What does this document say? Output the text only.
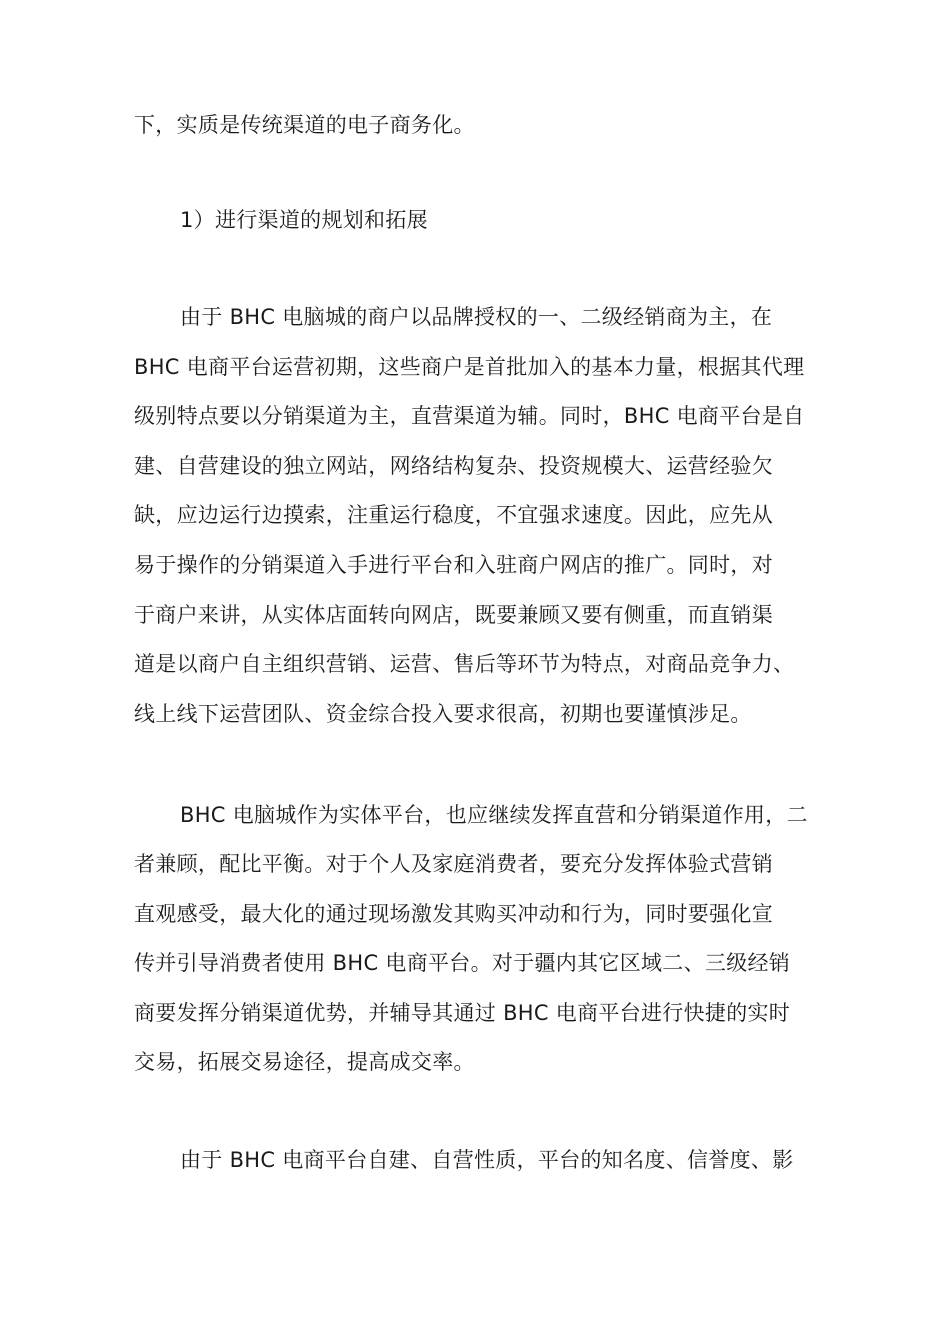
下，实质是传统渠道的电子商务化。
1）进行渠道的规划和拓展
由于 BHC 电脑城的商户以品牌授权的一、二级经销商为主，在
BHC 电商平台运营初期，这些商户是首批加入的基本力量，根据其代理
级别特点要以分销渠道为主，直营渠道为辅。同时，BHC 电商平台是自
建、自营建设的独立网站，网络结构复杂、投资规模大、运营经验欠
缺，应边运行边摸索，注重运行稳度，不宜强求速度。因此，应先从
易于操作的分销渠道入手进行平台和入驻商户网店的推广。同时，对
于商户来讲，从实体店面转向网店，既要兼顾又要有侧重，而直销渠
道是以商户自主组织营销、运营、售后等环节为特点，对商品竞争力、
线上线下运营团队、资金综合投入要求很高，初期也要谨慎涉足。
BHC 电脑城作为实体平台，也应继续发挥直营和分销渠道作用，二
者兼顾，配比平衡。对于个人及家庭消费者，要充分发挥体验式营销
直观感受，最大化的通过现场激发其购买冲动和行为，同时要强化宣
传并引导消费者使用 BHC 电商平台。对于疆内其它区域二、三级经销
商要发挥分销渠道优势，并辅导其通过 BHC 电商平台进行快捷的实时
交易，拓展交易途径，提高成交率。
由于 BHC 电商平台自建、自营性质，平台的知名度、信誉度、影
